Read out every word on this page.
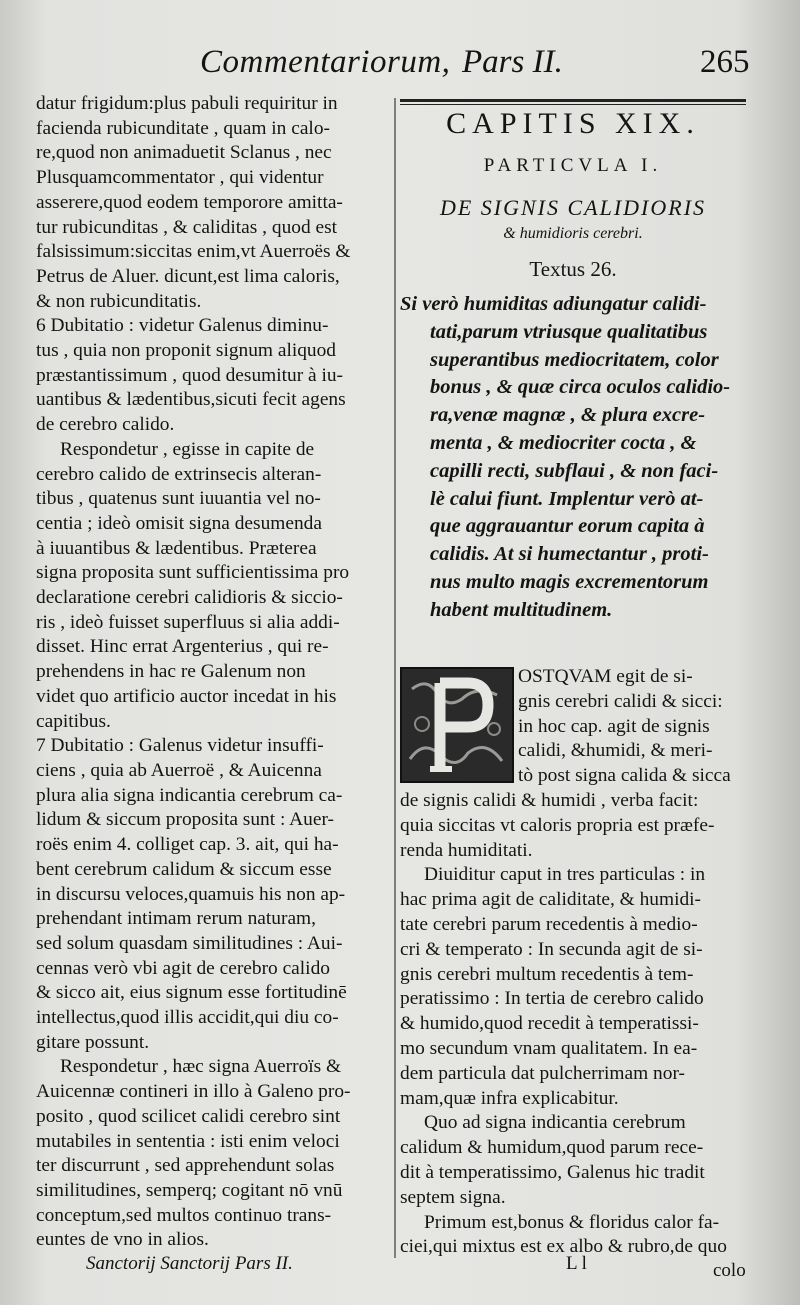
Commentariorum, Pars II.	265

datur frigidum:plus pabuli requiritur in

facienda rubicunditate , quam in calo-

re,quod non animaduetit Sclanus , nec

Plusquamcommentator , qui videntur

asserere,quod eodem temporore amitta-

tur rubicunditas , & caliditas , quod est

falsissimum:siccitas enim,vt Auerroës &

Petrus de Aluer. dicunt,est lima caloris,

& non rubicunditatis.

6 Dubitatio : videtur Galenus diminu-

tus , quia non proponit signum aliquod

præstantissimum , quod desumitur à iu-

uantibus & lædentibus,sicuti fecit agens

de cerebro calido.

Respondetur , egisse in capite de

cerebro calido de extrinsecis alteran-

tibus , quatenus sunt iuuantia vel no-

centia ; ideò omisit signa desumenda

à iuuantibus & lædentibus. Præterea

signa proposita sunt sufficientissima pro

declaratione cerebri calidioris & siccio-

ris , ideò fuisset superfluus si alia addi-

disset. Hinc errat Argenterius , qui re-

prehendens in hac re Galenum non

videt quo artificio auctor incedat in his

capitibus.

7 Dubitatio : Galenus videtur insuffi-

ciens , quia ab Auerroë , & Auicenna

plura alia signa indicantia cerebrum ca-

lidum & siccum proposita sunt : Auer-

roës enim 4. colliget cap. 3. ait, qui ha-

bent cerebrum calidum & siccum esse

in discursu veloces,quamuis his non ap-

prehendant intimam rerum naturam,

sed solum quasdam similitudines : Aui-

cennas verò vbi agit de cerebro calido

& sicco ait, eius signum esse fortitudinē

intellectus,quod illis accidit,qui diu co-

gitare possunt.

Respondetur , hæc signa Auerroïs &

Auicennæ contineri in illo à Galeno pro-

posito , quod scilicet calidi cerebro sint

mutabiles in sententia : isti enim veloci

ter discurrunt , sed apprehendunt solas

similitudines, semperq; cogitant nō vnū

conceptum,sed multos continuo trans-

euntes de vno in alios.

CAPITIS XIX.
PARTICVLA I.
DE SIGNIS CALIDIORIS
& humidioris cerebri.
Textus 26.
Si verò humiditas adiungatur calidi-
tati,parum vtriusque qualitatibus
superantibus mediocritatem, color
bonus , & quæ circa oculos calidio-
ra,venæ magnæ , & plura excre-
menta , & mediocriter cocta , &
capilli recti, subflaui , & non faci-
lè calui fiunt. Implentur verò at-
que aggrauantur eorum capita à
calidis. At si humectantur , proti-
nus multo magis excrementorum
habent multitudinem.
OSTQVAM egit de si-
gnis cerebri calidi & sicci:
in hoc cap. agit de signis
calidi, &humidi, & meri-
tò post signa calida & sicca
de signis calidi & humidi , verba facit:
quia siccitas vt caloris propria est præfe-
renda humiditati.
Diuiditur caput in tres particulas : in
hac prima agit de caliditate, & humidi-
tate cerebri parum recedentis à medio-
cri & temperato : In secunda agit de si-
gnis cerebri multum recedentis à tem-
peratissimo : In tertia de cerebro calido
& humido,quod recedit à temperatissi-
mo secundum vnam qualitatem. In ea-
dem particula dat pulcherrimam nor-
mam,quæ infra explicabitur.
Quo ad signa indicantia cerebrum
calidum & humidum,quod parum rece-
dit à temperatissimo, Galenus hic tradit
septem signa.
Primum est,bonus & floridus calor fa-
ciei,qui mixtus est ex albo & rubro,de quo
Sanctorij Sanctorij Pars II.	L l	colo
